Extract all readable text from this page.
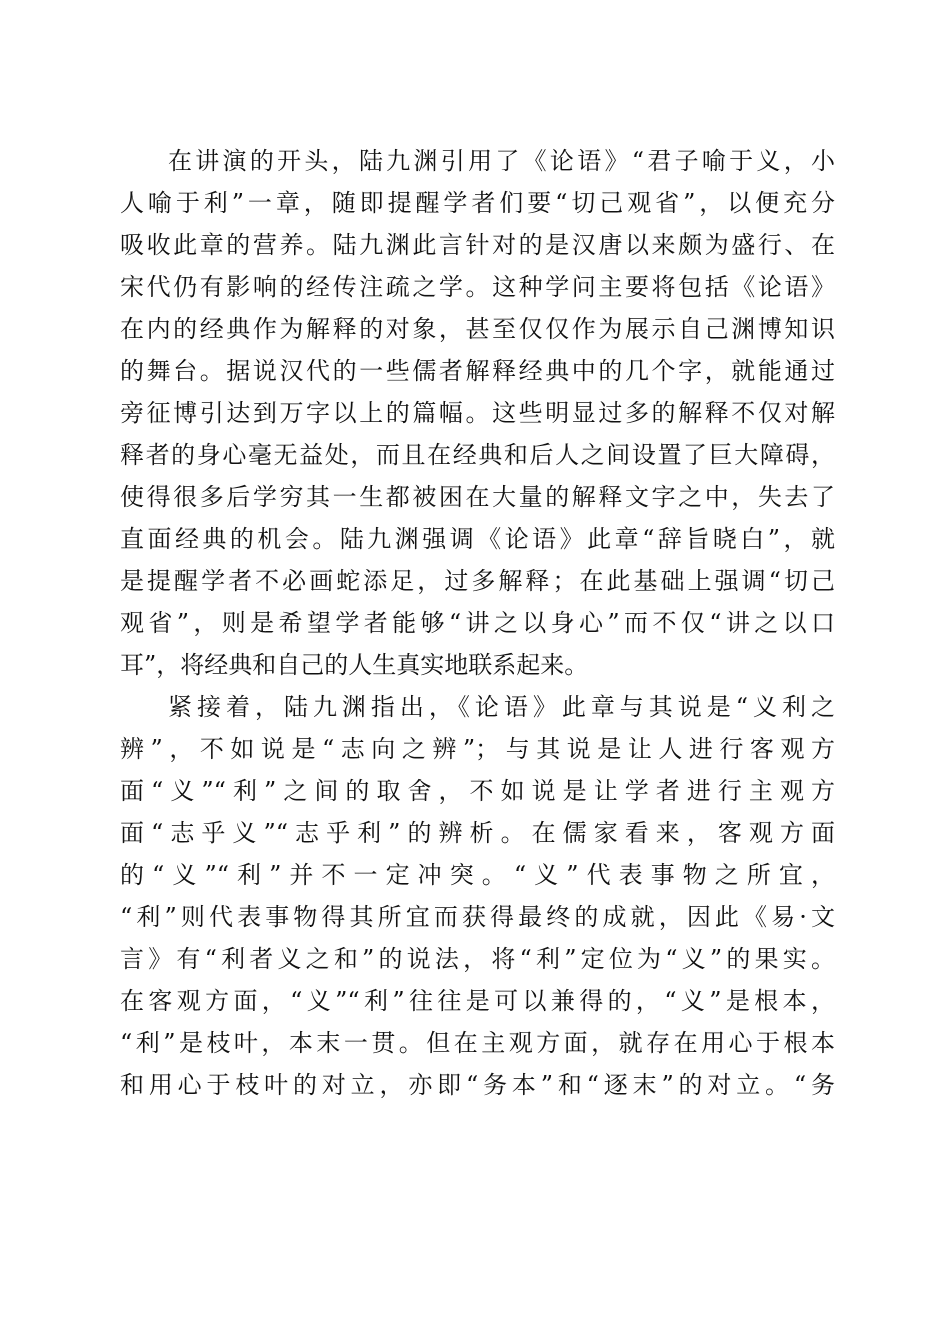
在讲演的开头，陆九渊引用了《论语》“君子喻于义，小
人喻于利”一章，随即提醒学者们要“切己观省”，以便充分
吸收此章的营养。陆九渊此言针对的是汉唐以来颇为盛行、在
宋代仍有影响的经传注疏之学。这种学问主要将包括《论语》
在内的经典作为解释的对象，甚至仅仅作为展示自己渊博知识
的舞台。据说汉代的一些儒者解释经典中的几个字，就能通过
旁征博引达到万字以上的篇幅。这些明显过多的解释不仅对解
释者的身心毫无益处，而且在经典和后人之间设置了巨大障碍，
使得很多后学穷其一生都被困在大量的解释文字之中，失去了
直面经典的机会。陆九渊强调《论语》此章“辞旨晓白”，就
是提醒学者不必画蛇添足，过多解释；在此基础上强调“切己
观省”，则是希望学者能够“讲之以身心”而不仅“讲之以口
耳”，将经典和自己的人生真实地联系起来。
紧接着，陆九渊指出，《论语》此章与其说是“义利之
辨”，不如说是“志向之辨”；与其说是让人进行客观方
面“义”“利”之间的取舍，不如说是让学者进行主观方
面“志乎义”“志乎利”的辨析。在儒家看来，客观方面
的“义”“利”并不一定冲突。“义”代表事物之所宜，
“利”则代表事物得其所宜而获得最终的成就，因此《易·文
言》有“利者义之和”的说法，将“利”定位为“义”的果实。
在客观方面，“义”“利”往往是可以兼得的，“义”是根本，
“利”是枝叶，本末一贯。但在主观方面，就存在用心于根本
和用心于枝叶的对立，亦即“务本”和“逐末”的对立。“务
